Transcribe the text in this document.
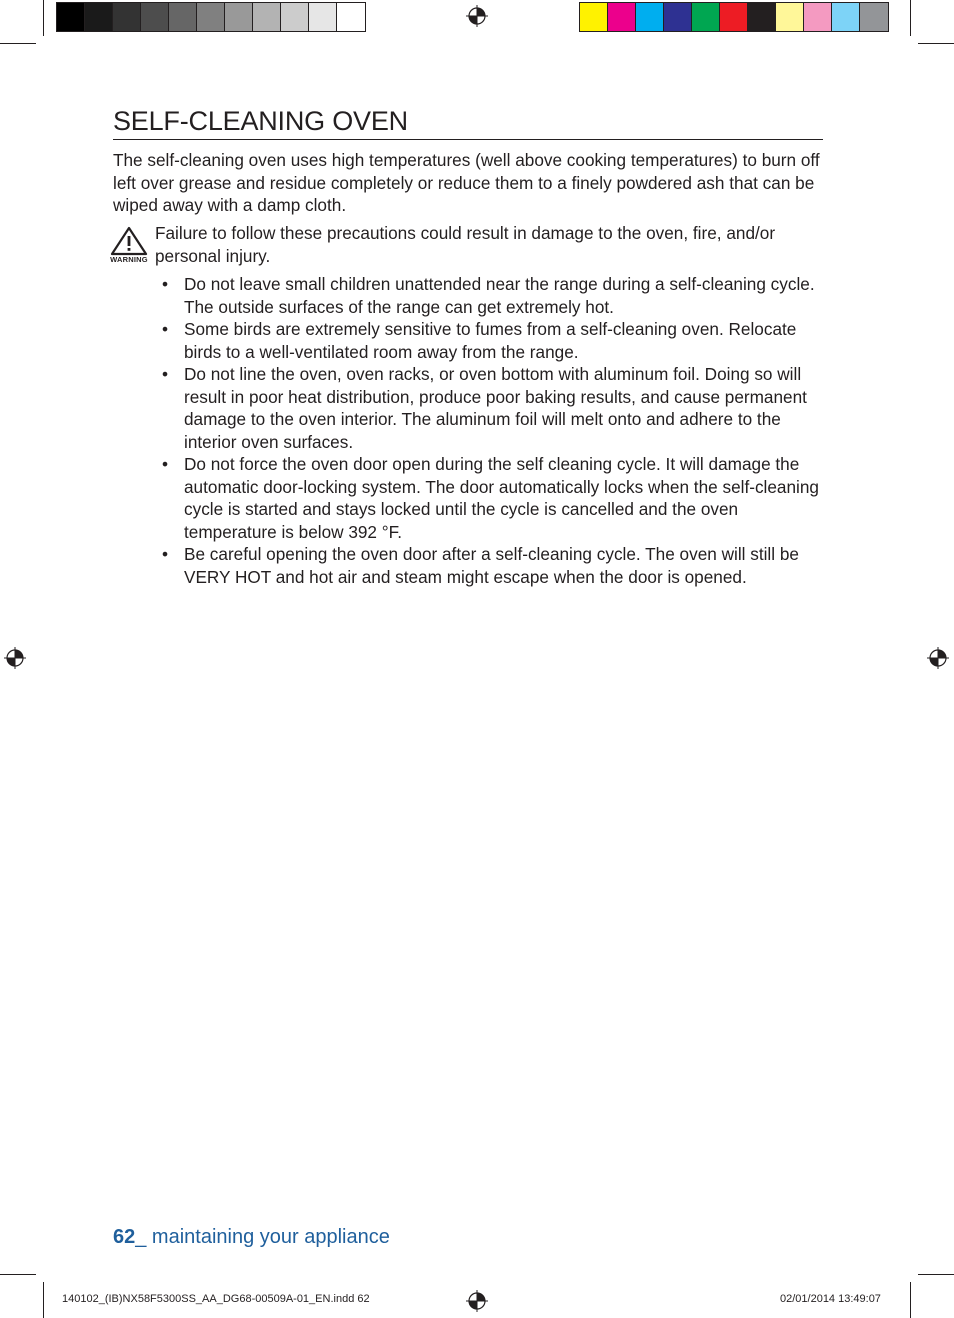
SELF-CLEANING OVEN
The self-cleaning oven uses high temperatures (well above cooking temperatures) to burn off left over grease and residue completely or reduce them to a finely powdered ash that can be wiped away with a damp cloth.
WARNING
Failure to follow these precautions could result in damage to the oven, fire, and/or personal injury.
• Do not leave small children unattended near the range during a self-cleaning cycle. The outside surfaces of the range can get extremely hot.
• Some birds are extremely sensitive to fumes from a self-cleaning oven. Relocate birds to a well-ventilated room away from the range.
• Do not line the oven, oven racks, or oven bottom with aluminum foil. Doing so will result in poor heat distribution, produce poor baking results, and cause permanent damage to the oven interior. The aluminum foil will melt onto and adhere to the interior oven surfaces.
• Do not force the oven door open during the self cleaning cycle. It will damage the automatic door-locking system. The door automatically locks when the self-cleaning cycle is started and stays locked until the cycle is cancelled and the oven temperature is below 392 °F.
• Be careful opening the oven door after a self-cleaning cycle. The oven will still be VERY HOT and hot air and steam might escape when the door is opened.
62_ maintaining your appliance
140102_(IB)NX58F5300SS_AA_DG68-00509A-01_EN.indd 62	02/01/2014 13:49:07
